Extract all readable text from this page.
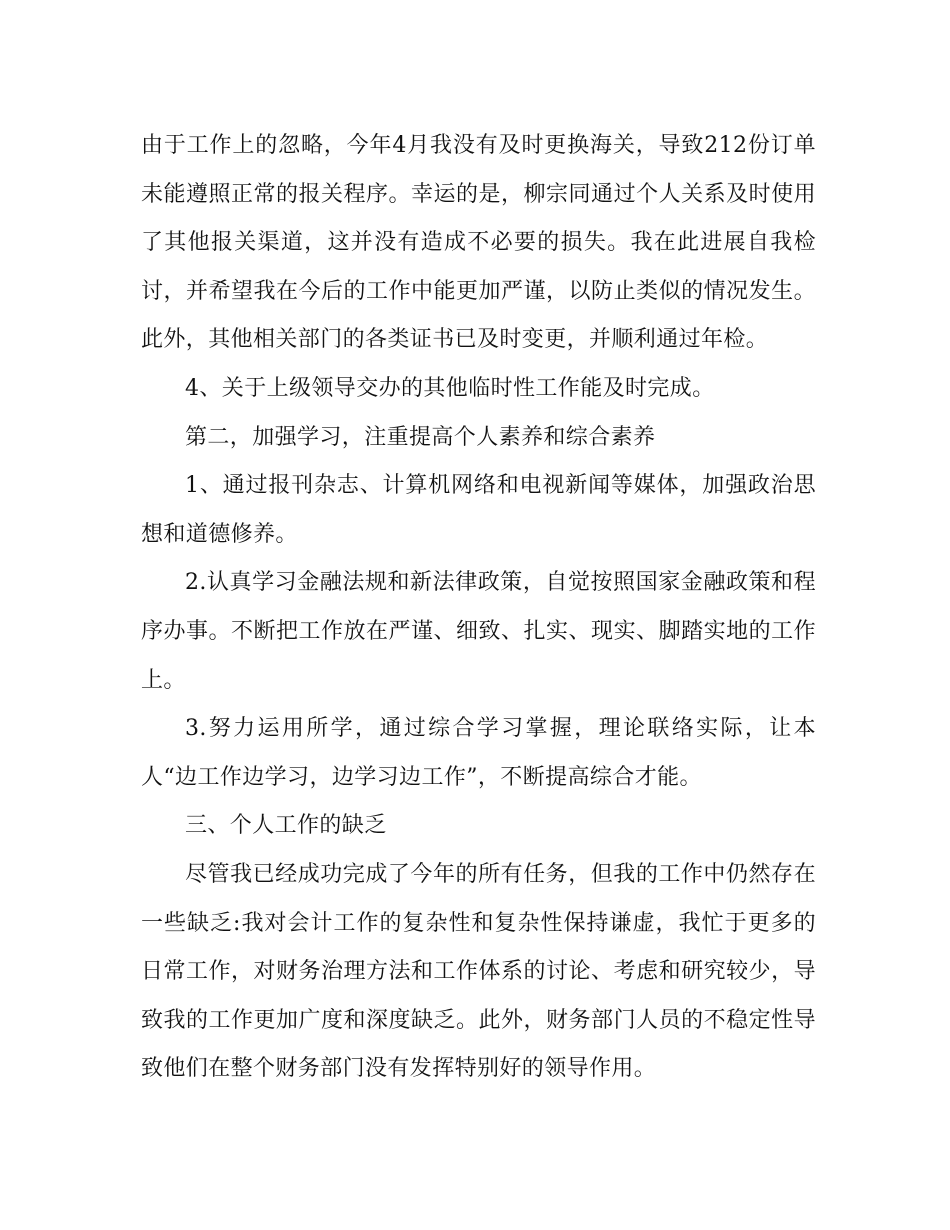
由于工作上的忽略，今年4月我没有及时更换海关，导致212份订单未能遵照正常的报关程序。幸运的是，柳宗同通过个人关系及时使用了其他报关渠道，这并没有造成不必要的损失。我在此进展自我检讨，并希望我在今后的工作中能更加严谨，以防止类似的情况发生。此外，其他相关部门的各类证书已及时变更，并顺利通过年检。

4、关于上级领导交办的其他临时性工作能及时完成。

第二，加强学习，注重提高个人素养和综合素养

1、通过报刊杂志、计算机网络和电视新闻等媒体，加强政治思想和道德修养。

2.认真学习金融法规和新法律政策，自觉按照国家金融政策和程序办事。不断把工作放在严谨、细致、扎实、现实、脚踏实地的工作上。

3.努力运用所学，通过综合学习掌握，理论联络实际，让本人“边工作边学习，边学习边工作”，不断提高综合才能。

三、个人工作的缺乏

尽管我已经成功完成了今年的所有任务，但我的工作中仍然存在一些缺乏:我对会计工作的复杂性和复杂性保持谦虚，我忙于更多的日常工作，对财务治理方法和工作体系的讨论、考虑和研究较少，导致我的工作更加广度和深度缺乏。此外，财务部门人员的不稳定性导致他们在整个财务部门没有发挥特别好的领导作用。
